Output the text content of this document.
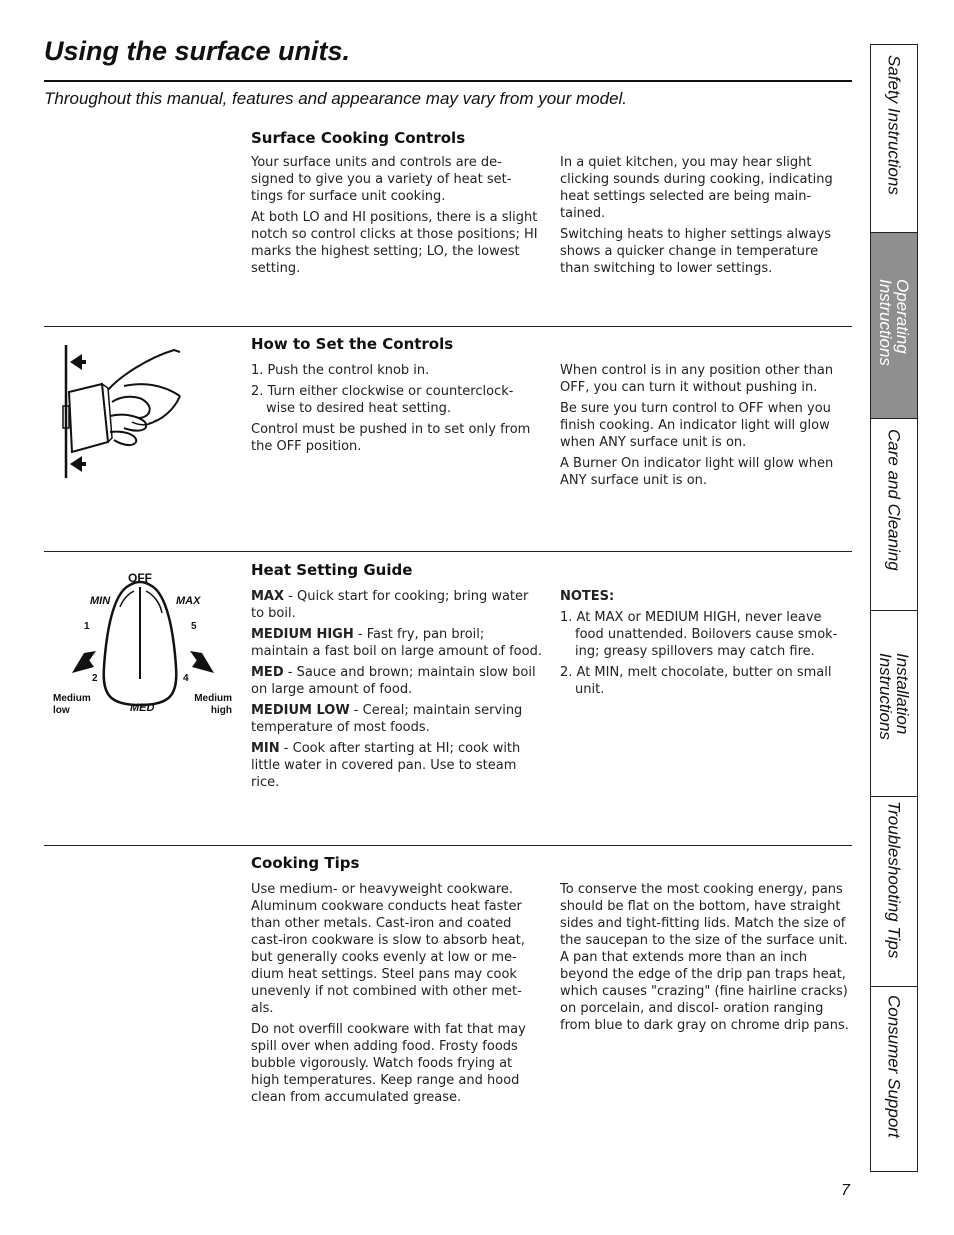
Using the surface units.
Throughout this manual, features and appearance may vary from your model.
Surface Cooking Controls

Your surface units and controls are de- signed to give you a variety of heat set- tings for surface unit cooking.

At both LO and HI positions, there is a slight notch so control clicks at those positions; HI marks the highest setting; LO, the lowest setting.

In a quiet kitchen, you may hear slight clicking sounds during cooking, indicating heat settings selected are being main- tained.

Switching heats to higher settings always shows a quicker change in temperature than switching to lower settings.

How to Set the Controls

1. Push the control knob in.

2. Turn either clockwise or counterclock- wise to desired heat setting.

Control must be pushed in to set only from the OFF position.

When control is in any position other than OFF, you can turn it without pushing in.

Be sure you turn control to OFF when you finish cooking. An indicator light will glow when ANY surface unit is on.

A Burner On indicator light will glow when ANY surface unit is on.

OFF
MIN	MAX
1	5
2	4
MED
Medium
low
Medium
high
Heat Setting Guide

MAX - Quick start for cooking; bring water to boil.

MEDIUM HIGH - Fast fry, pan broil; maintain a fast boil on large amount of food.

MED - Sauce and brown; maintain slow boil on large amount of food.

MEDIUM LOW - Cereal; maintain serving temperature of most foods.

MIN - Cook after starting at HI; cook with little water in covered pan. Use to steam rice.

NOTES:

1. At MAX or MEDIUM HIGH, never leave food unattended. Boilovers cause smok- ing; greasy spillovers may catch fire.

2. At MIN, melt chocolate, butter on small unit.

Cooking Tips

Use medium- or heavyweight cookware. Aluminum cookware conducts heat faster than other metals. Cast-iron and coated cast-iron cookware is slow to absorb heat, but generally cooks evenly at low or me- dium heat settings. Steel pans may cook unevenly if not combined with other met- als.

Do not overfill cookware with fat that may spill over when adding food. Frosty foods bubble vigorously. Watch foods frying at high temperatures. Keep range and hood clean from accumulated grease.

To conserve the most cooking energy, pans should be flat on the bottom, have straight sides and tight-fitting lids. Match the size of the saucepan to the size of the surface unit. A pan that extends more than an inch beyond the edge of the drip pan traps heat, which causes "crazing" (fine hairline cracks) on porcelain, and discol- oration ranging from blue to dark gray on chrome drip pans.

Safety Instructions
Operating
Instructions
Care and Cleaning
Installation
Instructions
Troubleshooting Tips
Consumer Support
7
